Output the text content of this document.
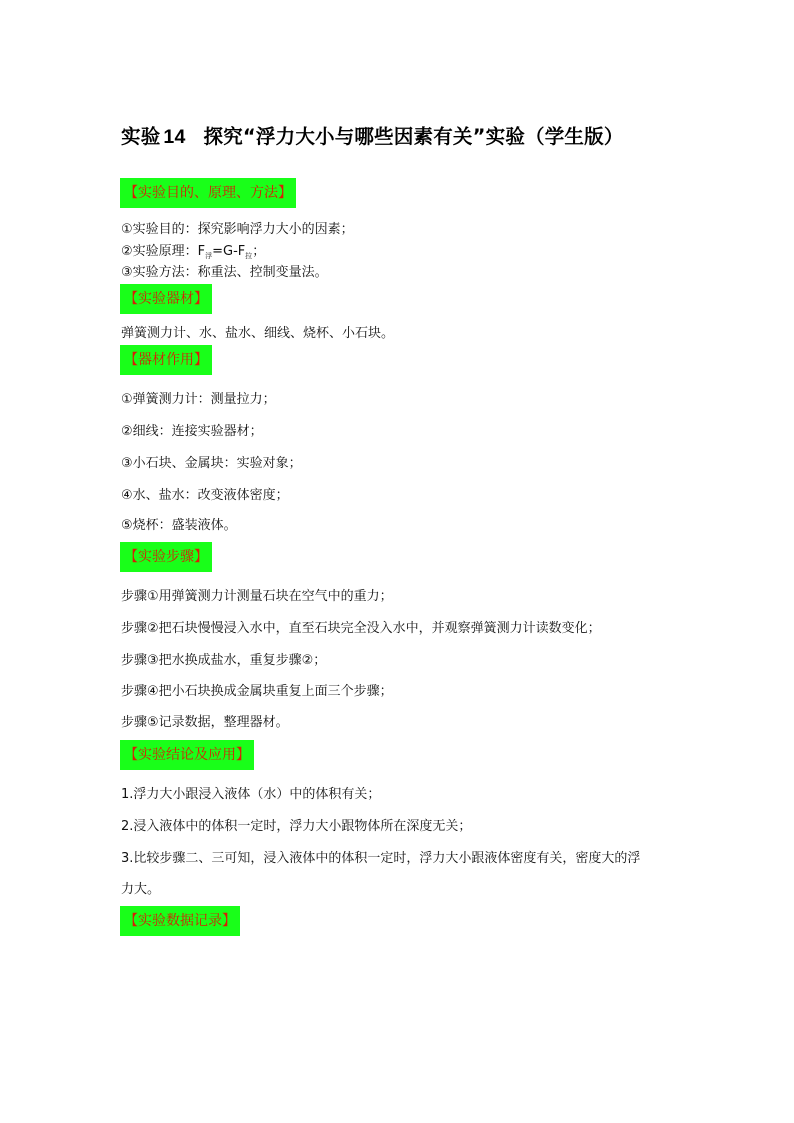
实验 14 探究“浮力大小与哪些因素有关”实验（学生版）
【实验目的、原理、方法】
①实验目的：探究影响浮力大小的因素；
②实验原理：$F_浮=G-F_拉$；
③实验方法：称重法、控制变量法。
【实验器材】
弹簧测力计、水、盐水、细线、烧杯、小石块。
【器材作用】
①弹簧测力计：测量拉力；
②细线：连接实验器材；
③小石块、金属块：实验对象；
④水、盐水：改变液体密度；
⑤烧杯：盛装液体。
【实验步骤】
步骤①用弹簧测力计测量石块在空气中的重力；
步骤②把石块慢慢浸入水中，直至石块完全没入水中，并观察弹簧测力计读数变化；
步骤③把水换成盐水，重复步骤②；
步骤④把小石块换成金属块重复上面三个步骤；
步骤⑤记录数据，整理器材。
【实验结论及应用】
1.浮力大小跟浸入液体（水）中的体积有关；
2.浸入液体中的体积一定时，浮力大小跟物体所在深度无关；
3.比较步骤二、三可知，浸入液体中的体积一定时，浮力大小跟液体密度有关，密度大的浮
力大。
【实验数据记录】
